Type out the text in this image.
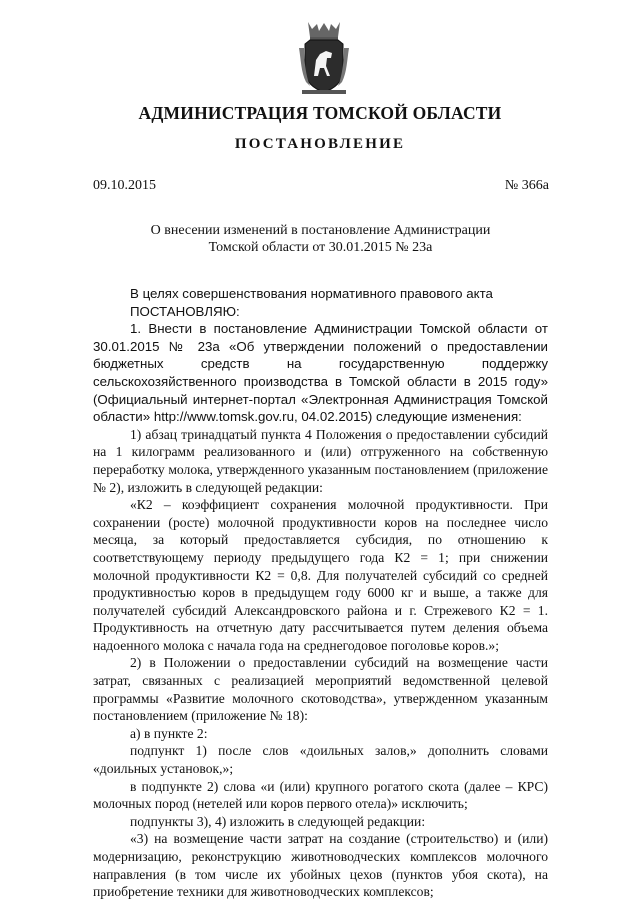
АДМИНИСТРАЦИЯ ТОМСКОЙ ОБЛАСТИ
ПОСТАНОВЛЕНИЕ
09.10.2015	№ 366а
О внесении изменений в постановление Администрации
Томской области от 30.01.2015 № 23а

В целях совершенствования нормативного правового акта

ПОСТАНОВЛЯЮ:

1. Внести в постановление Администрации Томской области от 30.01.2015 № 23а «Об утверждении положений о предоставлении бюджетных средств на государственную поддержку сельскохозяйственного производства в Томской области в 2015 году» (Официальный интернет-портал «Электронная Администрация Томской области» http://www.tomsk.gov.ru, 04.02.2015) следующие изменения:

1) абзац тринадцатый пункта 4 Положения о предоставлении субсидий на 1 килограмм реализованного и (или) отгруженного на собственную переработку молока, утвержденного указанным постановлением (приложение № 2), изложить в следующей редакции:

«К2 – коэффициент сохранения молочной продуктивности. При сохранении (росте) молочной продуктивности коров на последнее число месяца, за который предоставляется субсидия, по отношению к соответствующему периоду предыдущего года К2 = 1; при снижении молочной продуктивности К2 = 0,8. Для получателей субсидий со средней продуктивностью коров в предыдущем году 6000 кг и выше, а также для получателей субсидий Александровского района и г. Стрежевого К2 = 1. Продуктивность на отчетную дату рассчитывается путем деления объема надоенного молока с начала года на среднегодовое поголовье коров.»;

2) в Положении о предоставлении субсидий на возмещение части затрат, связанных с реализацией мероприятий ведомственной целевой программы «Развитие молочного скотоводства», утвержденном указанным постановлением (приложение № 18):

а) в пункте 2:

подпункт 1) после слов «доильных залов,» дополнить словами «доильных установок,»;

в подпункте 2) слова «и (или) крупного рогатого скота (далее – КРС) молочных пород (нетелей или коров первого отела)» исключить;

подпункты 3), 4) изложить в следующей редакции:

«3) на возмещение части затрат на создание (строительство) и (или) модернизацию, реконструкцию животноводческих комплексов молочного направления (в том числе их убойных цехов (пунктов убоя скота), на приобретение техники для животноводческих комплексов;
